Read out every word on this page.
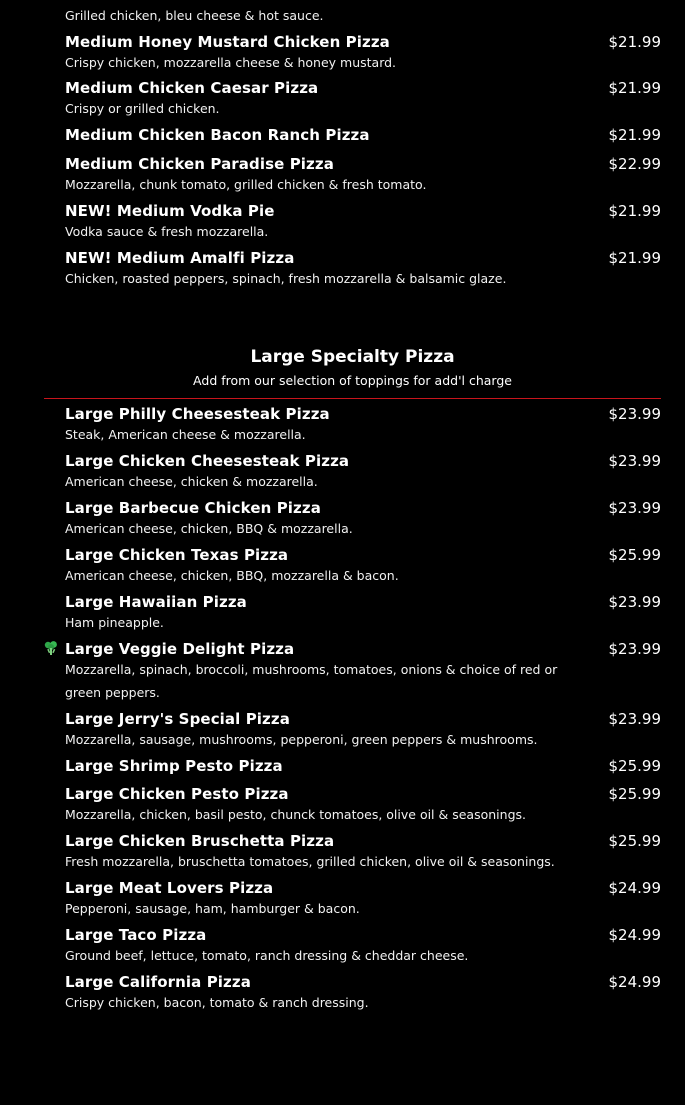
Grilled chicken, bleu cheese & hot sauce.
Medium Honey Mustard Chicken Pizza	$21.99
Crispy chicken, mozzarella cheese & honey mustard.
Medium Chicken Caesar Pizza	$21.99
Crispy or grilled chicken.
Medium Chicken Bacon Ranch Pizza	$21.99
Medium Chicken Paradise Pizza	$22.99
Mozzarella, chunk tomato, grilled chicken & fresh tomato.
NEW! Medium Vodka Pie	$21.99
Vodka sauce & fresh mozzarella.
NEW! Medium Amalfi Pizza	$21.99
Chicken, roasted peppers, spinach, fresh mozzarella & balsamic glaze.
Large Specialty Pizza
Add from our selection of toppings for add'l charge
Large Philly Cheesesteak Pizza	$23.99
Steak, American cheese & mozzarella.
Large Chicken Cheesesteak Pizza	$23.99
American cheese, chicken & mozzarella.
Large Barbecue Chicken Pizza	$23.99
American cheese, chicken, BBQ & mozzarella.
Large Chicken Texas Pizza	$25.99
American cheese, chicken, BBQ, mozzarella & bacon.
Large Hawaiian Pizza	$23.99
Ham pineapple.
Large Veggie Delight Pizza	$23.99
Mozzarella, spinach, broccoli, mushrooms, tomatoes, onions & choice of red or green peppers.
Large Jerry's Special Pizza	$23.99
Mozzarella, sausage, mushrooms, pepperoni, green peppers & mushrooms.
Large Shrimp Pesto Pizza	$25.99
Large Chicken Pesto Pizza	$25.99
Mozzarella, chicken, basil pesto, chunck tomatoes, olive oil & seasonings.
Large Chicken Bruschetta Pizza	$25.99
Fresh mozzarella, bruschetta tomatoes, grilled chicken, olive oil & seasonings.
Large Meat Lovers Pizza	$24.99
Pepperoni, sausage, ham, hamburger & bacon.
Large Taco Pizza	$24.99
Ground beef, lettuce, tomato, ranch dressing & cheddar cheese.
Large California Pizza	$24.99
Crispy chicken, bacon, tomato & ranch dressing.
